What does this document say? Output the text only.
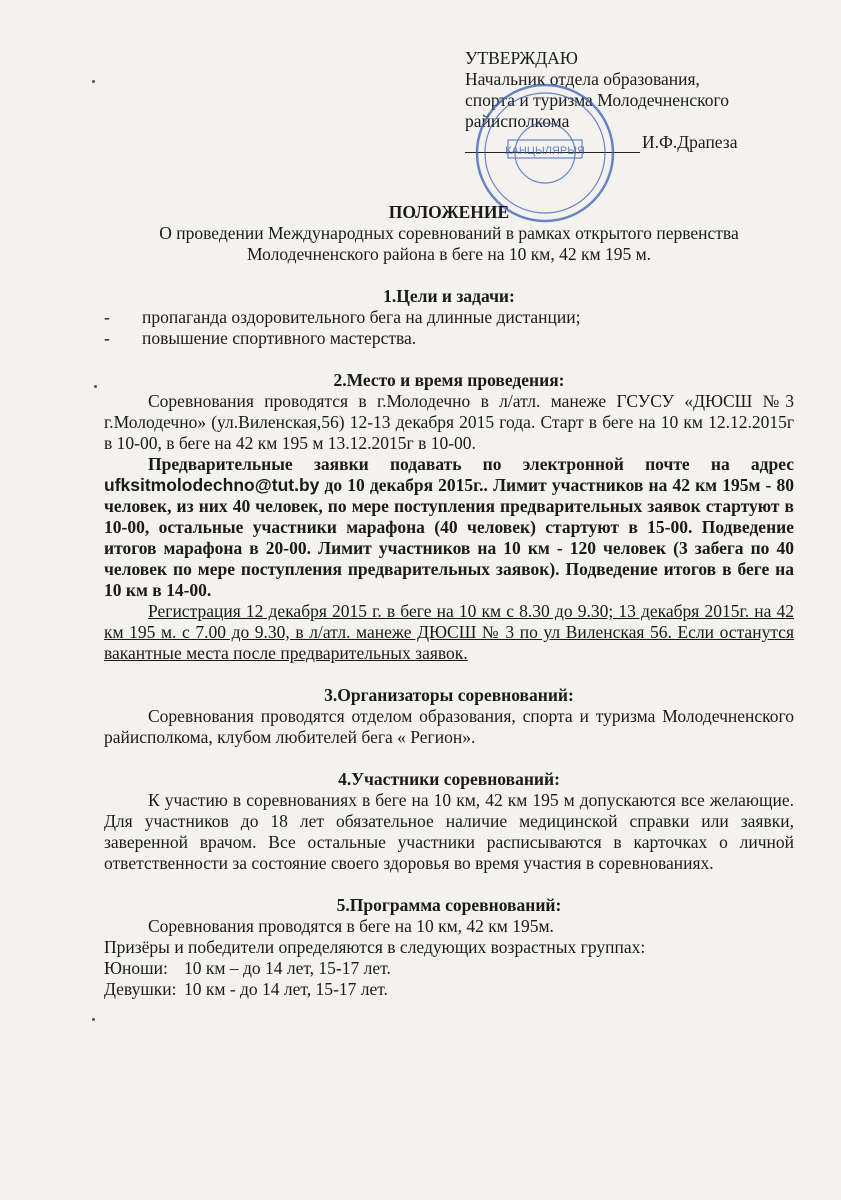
УТВЕРЖДАЮ
Начальник отдела образования,
спорта и туризма Молодечненского
райисполкома
И.Ф.Драпеза
КАНЦЫЛЯРЫЯ
ПОЛОЖЕНИЕ
О проведении Международных соревнований в рамках открытого первенства
Молодечненского района в беге на 10 км, 42 км 195 м.
1.Цели и задачи:
- пропаганда оздоровительного бега на длинные дистанции;
- повышение спортивного мастерства.
2.Место и время проведения:
Соревнования проводятся в г.Молодечно в л/атл. манеже ГСУСУ «ДЮСШ №3 г.Молодечно» (ул.Виленская,56) 12-13 декабря 2015 года. Старт в беге на 10 км 12.12.2015г в 10-00, в беге на 42 км 195 м 13.12.2015г в 10-00.
Предварительные заявки подавать по электронной почте на адрес ufksitmolodechno@tut.by до 10 декабря 2015г.. Лимит участников на 42 км 195м - 80 человек, из них 40 человек, по мере поступления предварительных заявок стартуют в 10-00, остальные участники марафона (40 человек) стартуют в 15-00. Подведение итогов марафона в 20-00. Лимит участников на 10 км - 120 человек (3 забега по 40 человек по мере поступления предварительных заявок). Подведение итогов в беге на 10 км в 14-00.
Регистрация 12 декабря 2015 г. в беге на 10 км с 8.30 до 9.30; 13 декабря 2015г. на 42 км 195 м. с 7.00 до 9.30, в л/атл. манеже ДЮСШ № 3 по ул Виленская 56. Если останутся вакантные места после предварительных заявок.
3.Организаторы соревнований:
Соревнования проводятся отделом образования, спорта и туризма Молодечненского райисполкома, клубом любителей бега « Регион».
4.Участники соревнований:
К участию в соревнованиях в беге на 10 км, 42 км 195 м допускаются все желающие. Для участников до 18 лет обязательное наличие медицинской справки или заявки, заверенной врачом. Все остальные участники расписываются в карточках о личной ответственности за состояние своего здоровья во время участия в соревнованиях.
5.Программа соревнований:
Соревнования проводятся в беге на 10 км, 42 км 195м.
Призёры и победители определяются в следующих возрастных группах:
Юноши: 10 км – до 14 лет, 15-17 лет.
Девушки: 10 км - до 14 лет, 15-17 лет.
